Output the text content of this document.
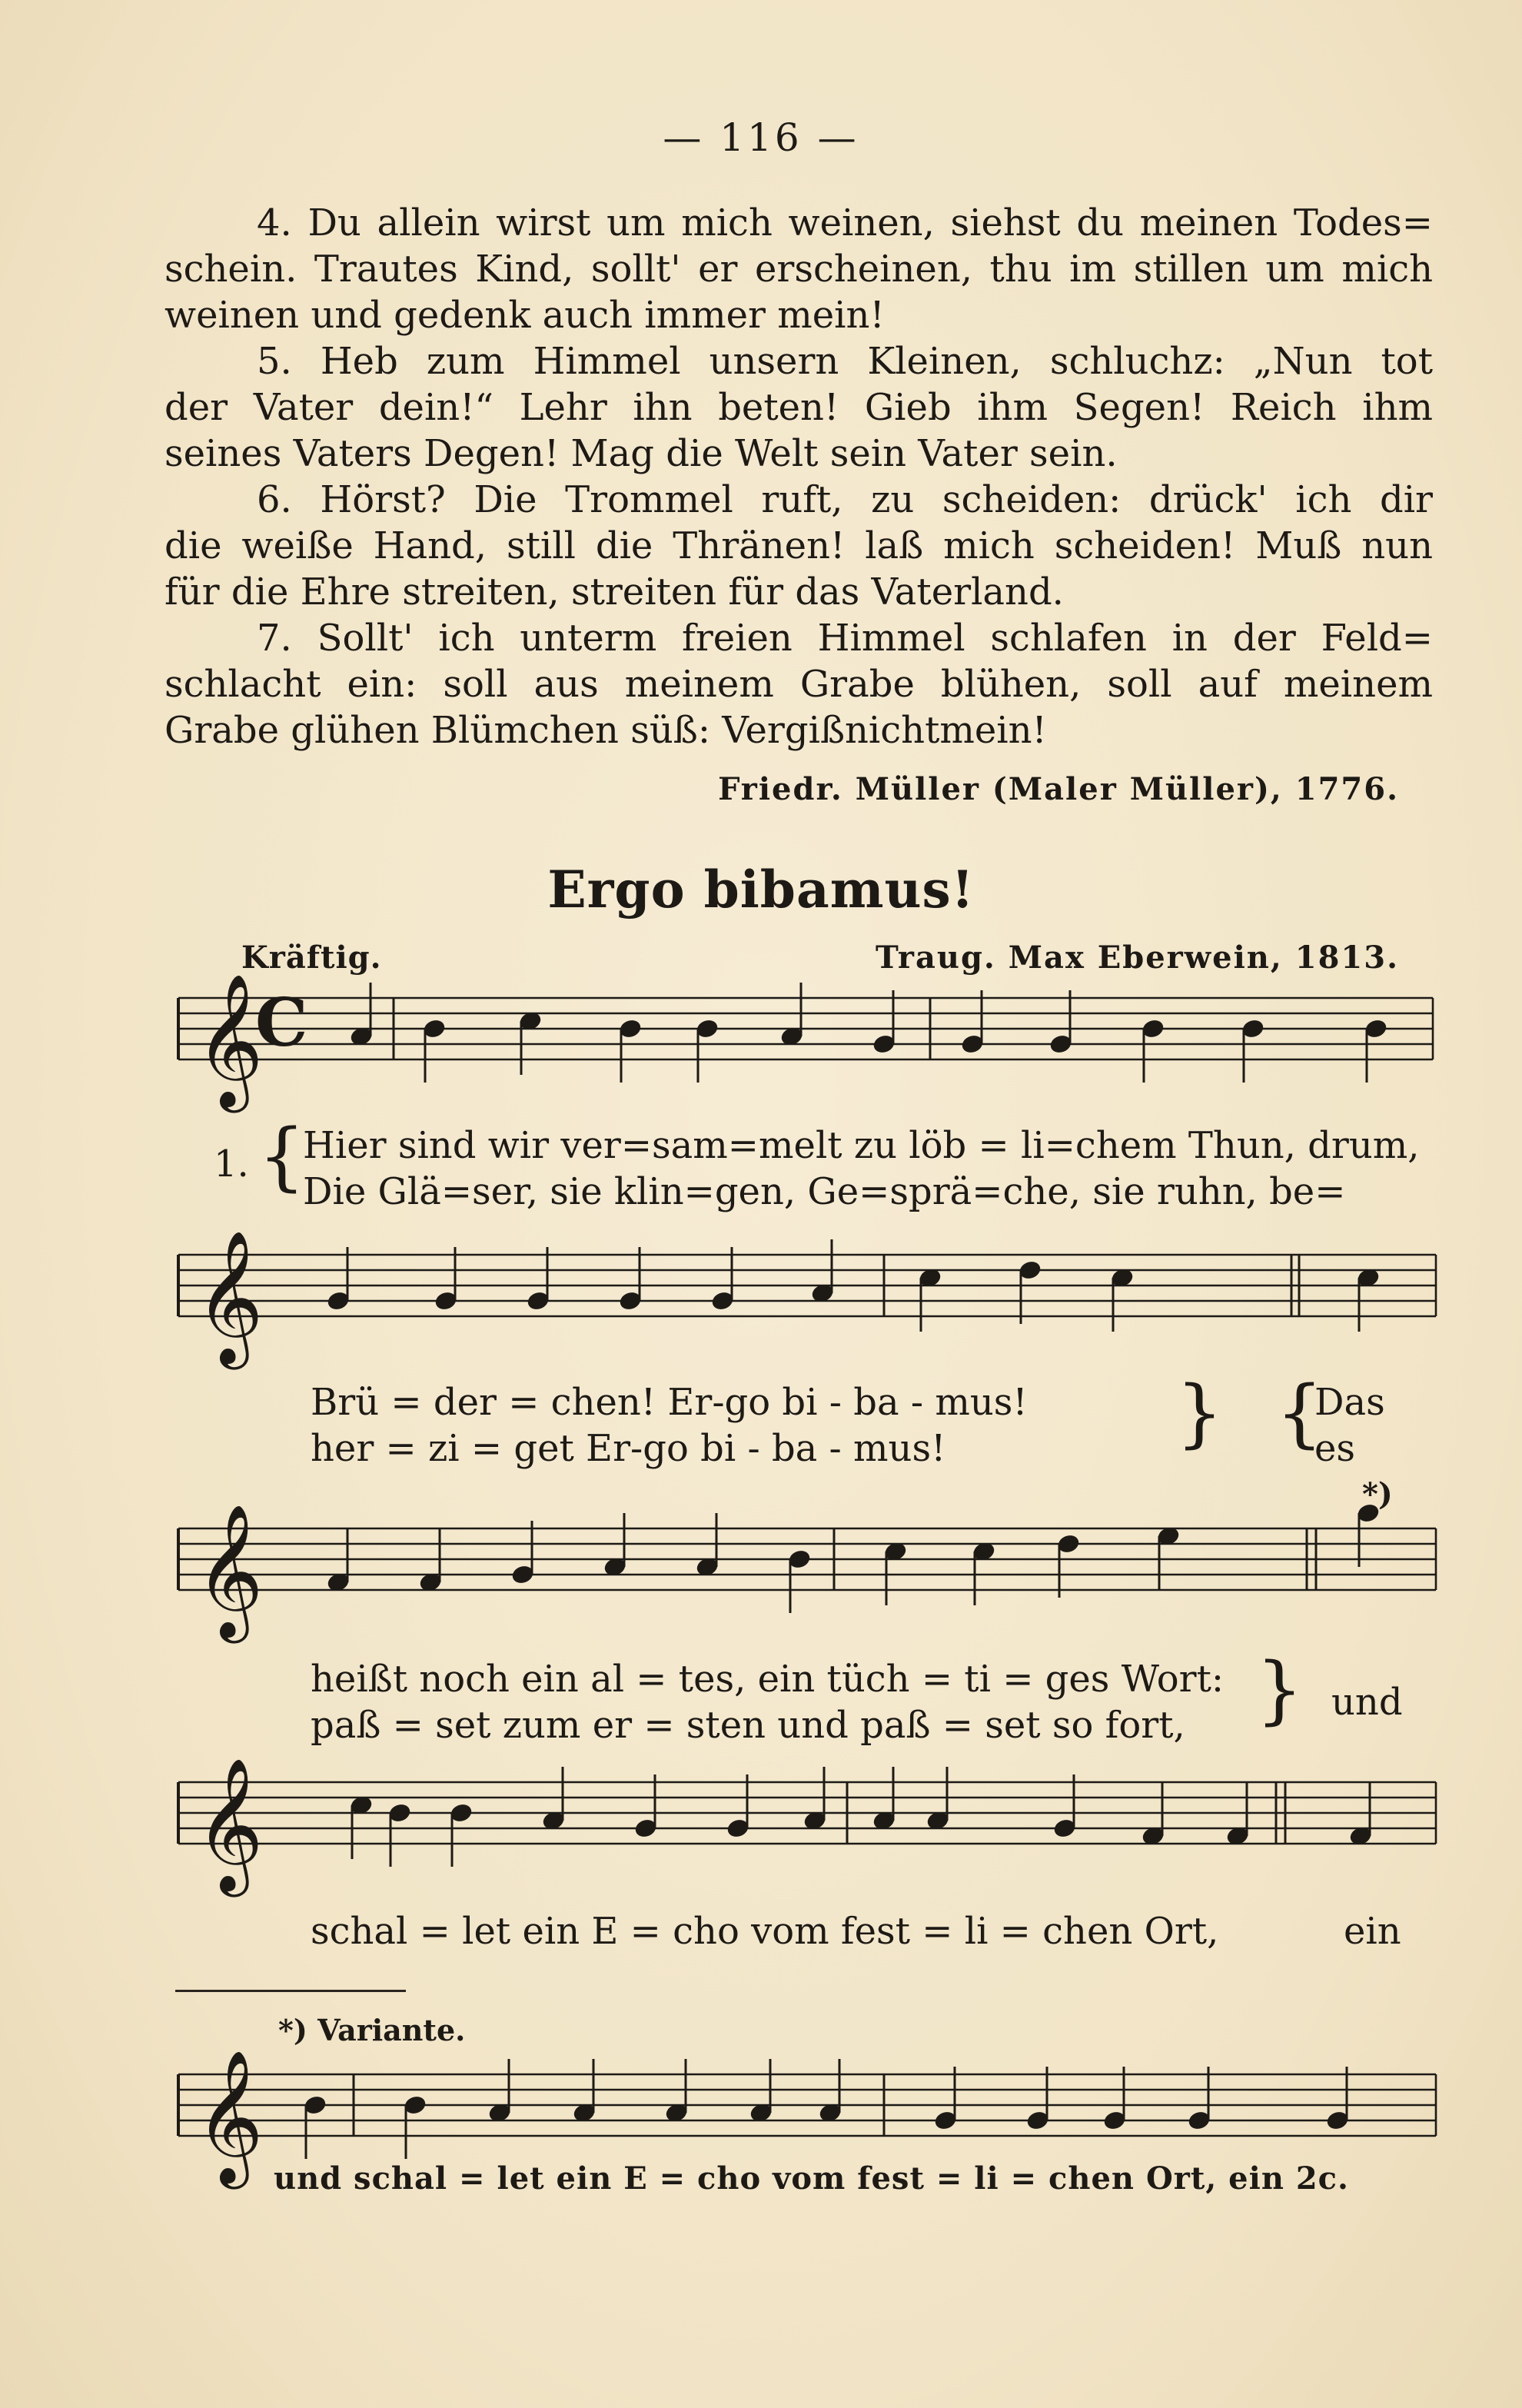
— 116 —
4. Du allein wirst um mich weinen, siehst du meinen Todes=
schein. Trautes Kind, sollt' er erscheinen, thu im stillen um mich
weinen und gedenk auch immer mein!
5. Heb zum Himmel unsern Kleinen, schluchz: „Nun tot
der Vater dein!“ Lehr ihn beten! Gieb ihm Segen! Reich ihm
seines Vaters Degen! Mag die Welt sein Vater sein.
6. Hörst? Die Trommel ruft, zu scheiden: drück' ich dir
die weiße Hand, still die Thränen! laß mich scheiden! Muß nun
für die Ehre streiten, streiten für das Vaterland.
7. Sollt' ich unterm freien Himmel schlafen in der Feld=
schlacht ein: soll aus meinem Grabe blühen, soll auf meinem
Grabe glühen Blümchen süß: Vergißnichtmein!
Friedr. Müller (Maler Müller), 1776.
Ergo bibamus!
Kräftig.	Traug. Max Eberwein, 1813.
𝄞
C
𝄞
𝄞
𝄞
𝄞
1. {
Hier sind wir ver=sam=melt zu löb = li=chem Thun, drum,
Die Glä=ser, sie klin=gen, Ge=sprä=che, sie ruhn, be=
Brü = der = chen! Er-go bi - ba - mus!
her = zi = get Er-go bi - ba - mus!	} {
Das
es
heißt noch ein al = tes, ein tüch = ti = ges Wort:
paß = set zum er = sten und paß = set so fort, } und
*)
schal = let ein E = cho vom fest = li = chen Ort,	ein
*) Variante.
und schal = let ein E = cho vom fest = li = chen Ort, ein 2c.
